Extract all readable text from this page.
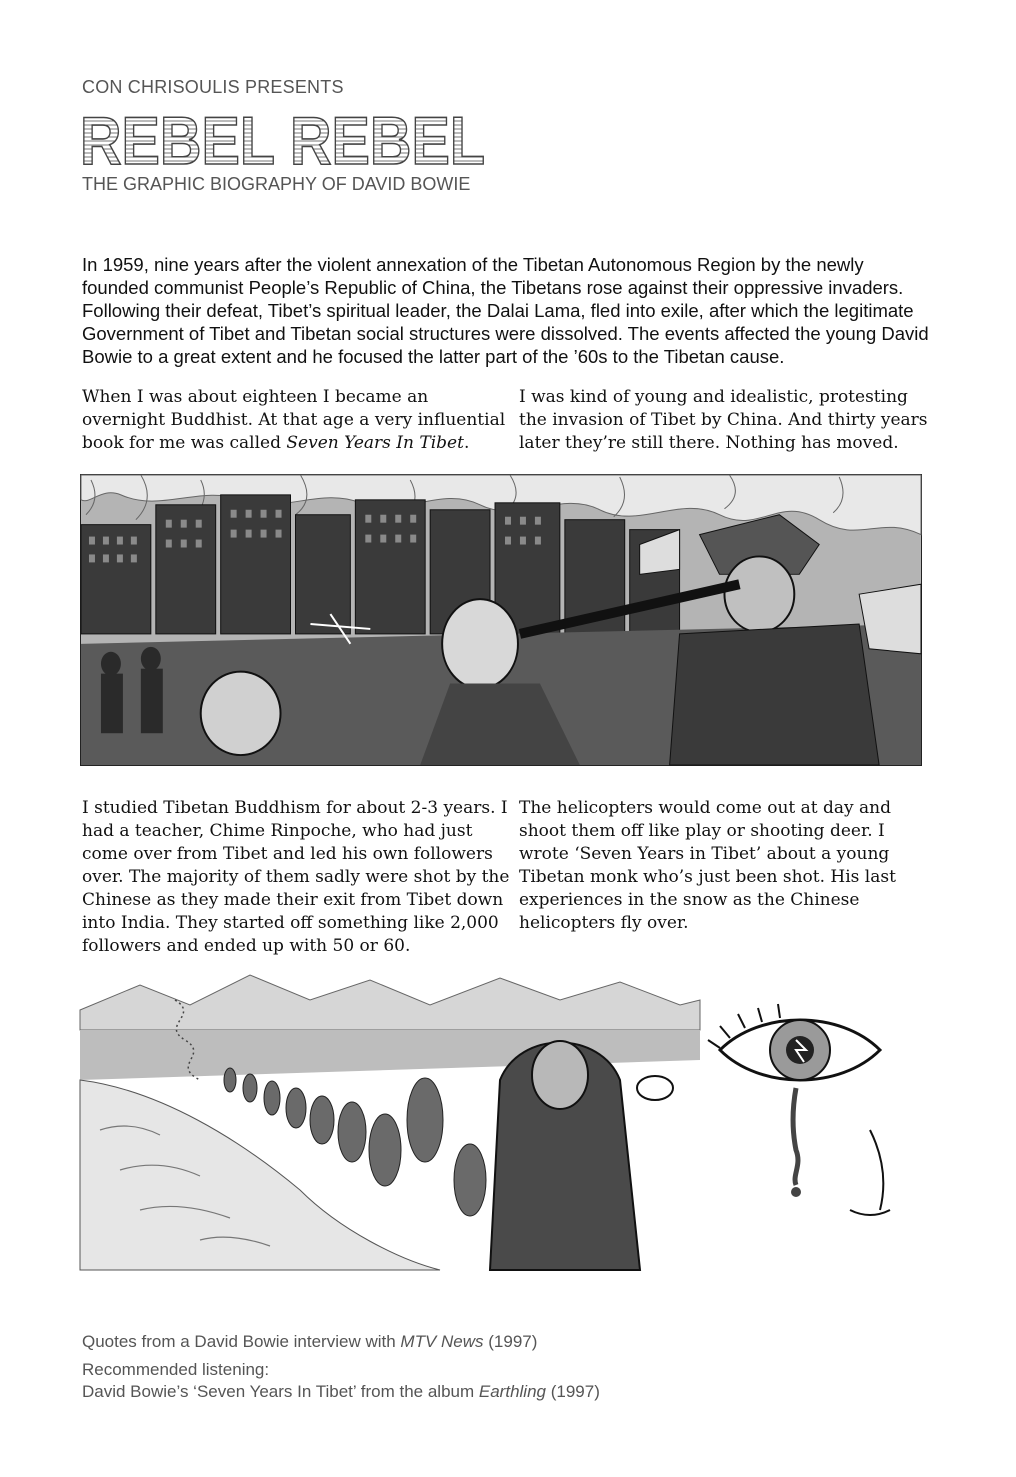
CON CHRISOULIS PRESENTS
REBEL REBEL
THE GRAPHIC BIOGRAPHY OF DAVID BOWIE
In 1959, nine years after the violent annexation of the Tibetan Autonomous Region by the newly founded communist People’s Republic of China, the Tibetans rose against their oppressive invaders. Following their defeat, Tibet’s spiritual leader, the Dalai Lama, fled into exile, after which the legitimate Government of Tibet and Tibetan social structures were dissolved. The events affected the young David Bowie to a great extent and he focused the latter part of the ’60s to the Tibetan cause.
When I was about eighteen I became an overnight Buddhist. At that age a very influential book for me was called Seven Years In Tibet.
I was kind of young and idealistic, protesting the invasion of Tibet by China. And thirty years later they’re still there. Nothing has moved.
I studied Tibetan Buddhism for about 2-3 years. I had a teacher, Chime Rinpoche, who had just come over from Tibet and led his own followers over. The majority of them sadly were shot by the Chinese as they made their exit from Tibet down into India. They started off something like 2,000 followers and ended up with 50 or 60.
The helicopters would come out at day and shoot them off like play or shooting deer. I wrote ‘Seven Years in Tibet’ about a young Tibetan monk who’s just been shot. His last experiences in the snow as the Chinese helicopters fly over.

Quotes from a David Bowie interview with MTV News (1997)

Recommended listening:
David Bowie’s ‘Seven Years In Tibet’ from the album Earthling (1997)
